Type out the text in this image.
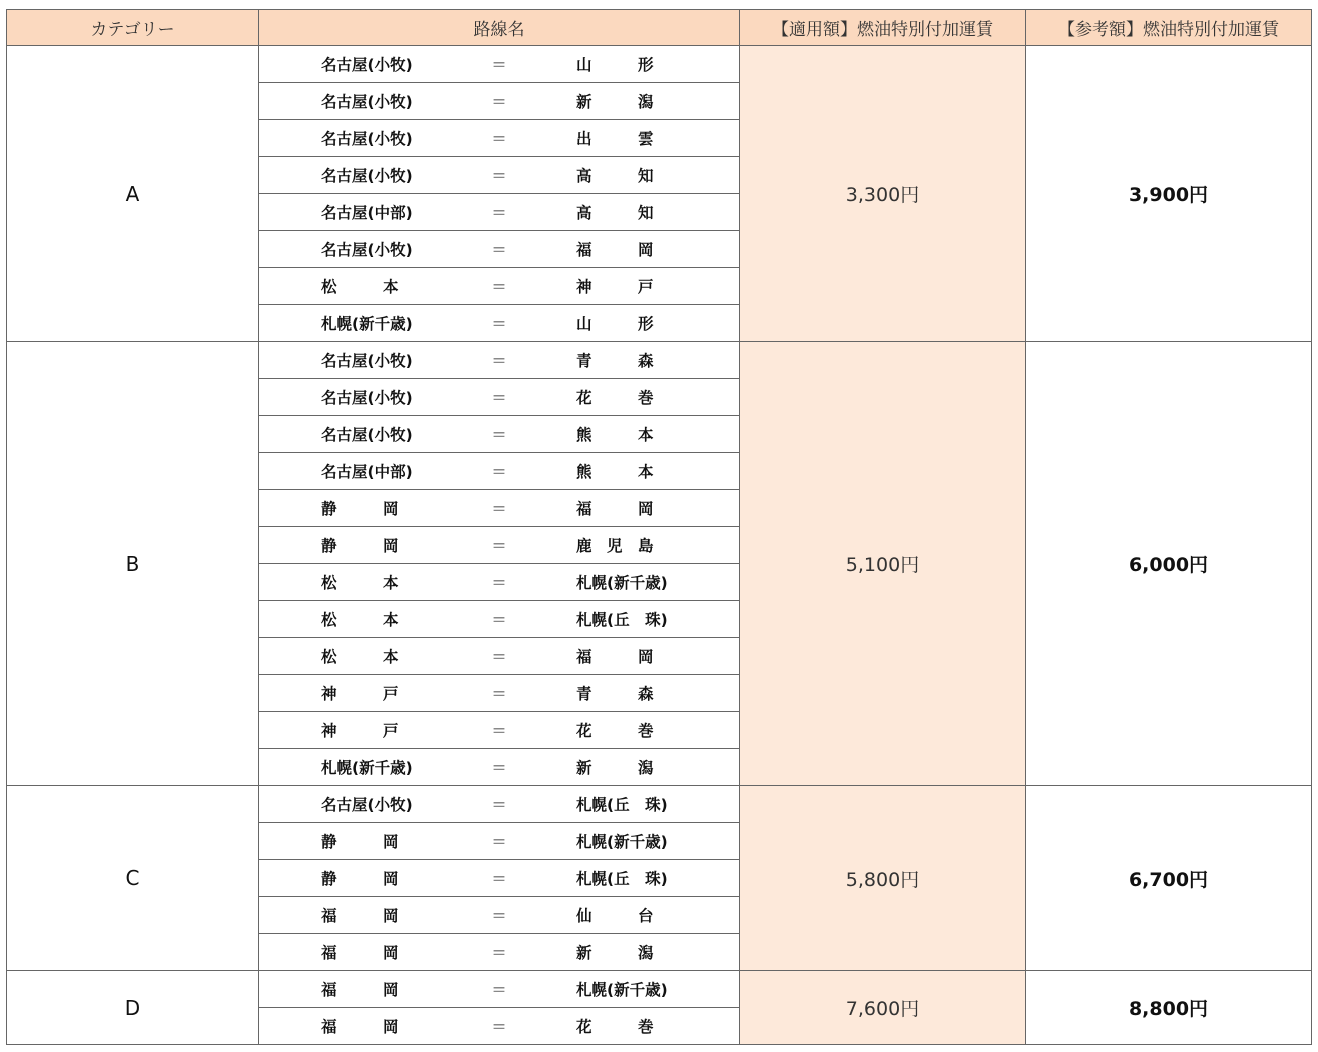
カテゴリー	路線名	【適用額】燃油特別付加運賃	【参考額】燃油特別付加運賃
A	名古屋(小牧) ＝ 山　　　形	3,300円	3,900円

	名古屋(小牧) ＝ 新　　　潟		

	名古屋(小牧) ＝ 出　　　雲		

	名古屋(小牧) ＝ 高　　　知		

	名古屋(中部) ＝ 高　　　知		

	名古屋(小牧) ＝ 福　　　岡		

	松　　　本 ＝ 神　　　戸		

	札幌(新千歳) ＝ 山　　　形		

B	名古屋(小牧) ＝ 青　　　森	5,100円	6,000円

	名古屋(小牧) ＝ 花　　　巻		

	名古屋(小牧) ＝ 熊　　　本		

	名古屋(中部) ＝ 熊　　　本		

	静　　　岡 ＝ 福　　　岡		

	静　　　岡 ＝ 鹿　児　島		

	松　　　本 ＝ 札幌(新千歳)		

	松　　　本 ＝ 札幌(丘　珠)		

	松　　　本 ＝ 福　　　岡		

	神　　　戸 ＝ 青　　　森		

	神　　　戸 ＝ 花　　　巻		

	札幌(新千歳) ＝ 新　　　潟		

C	名古屋(小牧) ＝ 札幌(丘　珠)	5,800円	6,700円

	静　　　岡 ＝ 札幌(新千歳)		

	静　　　岡 ＝ 札幌(丘　珠)		

	福　　　岡 ＝ 仙　　　台		

	福　　　岡 ＝ 新　　　潟		

D	福　　　岡 ＝ 札幌(新千歳)	7,600円	8,800円

	福　　　岡 ＝ 花　　　巻		
